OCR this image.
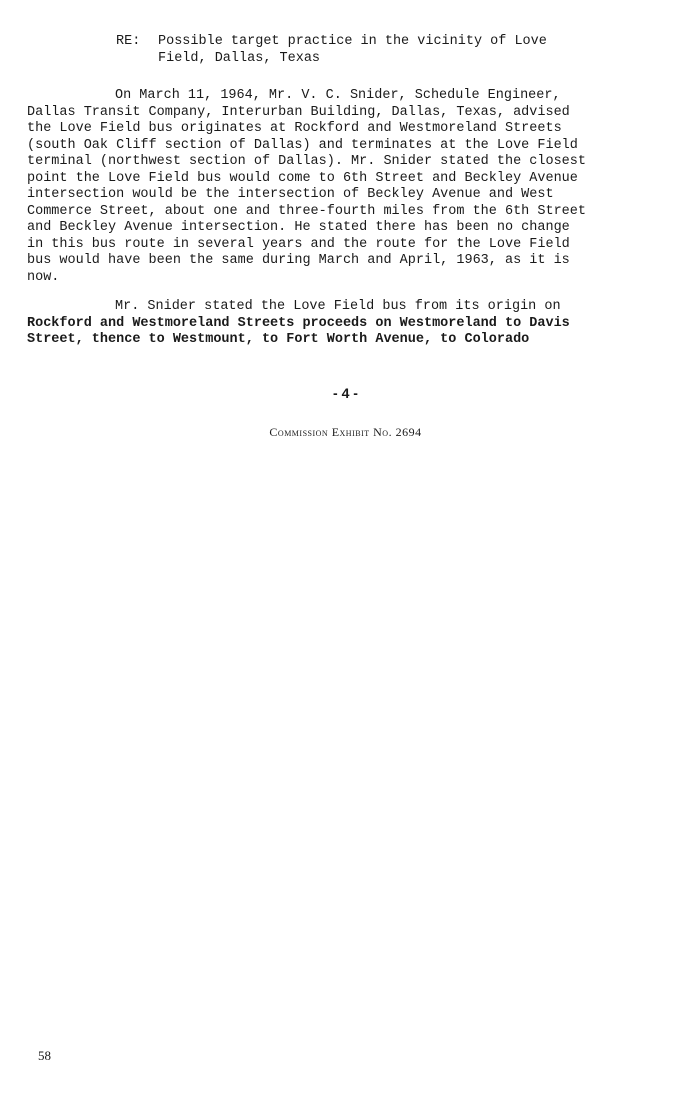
RE: Possible target practice in the vicinity of Love
Field, Dallas, Texas
On March 11, 1964, Mr. V. C. Snider, Schedule Engineer,
Dallas Transit Company, Interurban Building, Dallas, Texas, advised
the Love Field bus originates at Rockford and Westmoreland Streets
(south Oak Cliff section of Dallas) and terminates at the Love Field
terminal (northwest section of Dallas). Mr. Snider stated the closest
point the Love Field bus would come to 6th Street and Beckley Avenue
intersection would be the intersection of Beckley Avenue and West
Commerce Street, about one and three-fourth miles from the 6th Street
and Beckley Avenue intersection. He stated there has been no change
in this bus route in several years and the route for the Love Field
bus would have been the same during March and April, 1963, as it is
now.
Mr. Snider stated the Love Field bus from its origin on
Rockford and Westmoreland Streets proceeds on Westmoreland to Davis
Street, thence to Westmount, to Fort Worth Avenue, to Colorado
- 4 -
Commission Exhibit No. 2694
58
